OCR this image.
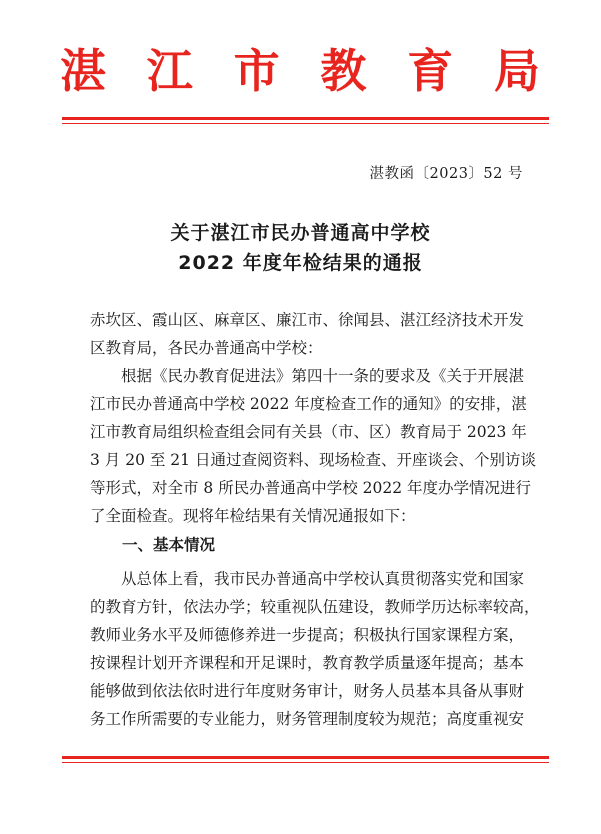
湛 江 市 教 育 局
湛教函〔2023〕52 号
关于湛江市民办普通高中学校
2022 年度年检结果的通报
赤坎区、霞山区、麻章区、廉江市、徐闻县、湛江经济技术开发
区教育局，各民办普通高中学校：
根据《民办教育促进法》第四十一条的要求及《关于开展湛
江市民办普通高中学校 2022 年度检查工作的通知》的安排，湛
江市教育局组织检查组会同有关县（市、区）教育局于 2023 年
3 月 20 至 21 日通过查阅资料、现场检查、开座谈会、个别访谈
等形式，对全市 8 所民办普通高中学校 2022 年度办学情况进行
了全面检查。现将年检结果有关情况通报如下：
一、基本情况
从总体上看，我市民办普通高中学校认真贯彻落实党和国家
的教育方针，依法办学；较重视队伍建设，教师学历达标率较高，
教师业务水平及师德修养进一步提高；积极执行国家课程方案，
按课程计划开齐课程和开足课时，教育教学质量逐年提高；基本
能够做到依法依时进行年度财务审计，财务人员基本具备从事财
务工作所需要的专业能力，财务管理制度较为规范；高度重视安
